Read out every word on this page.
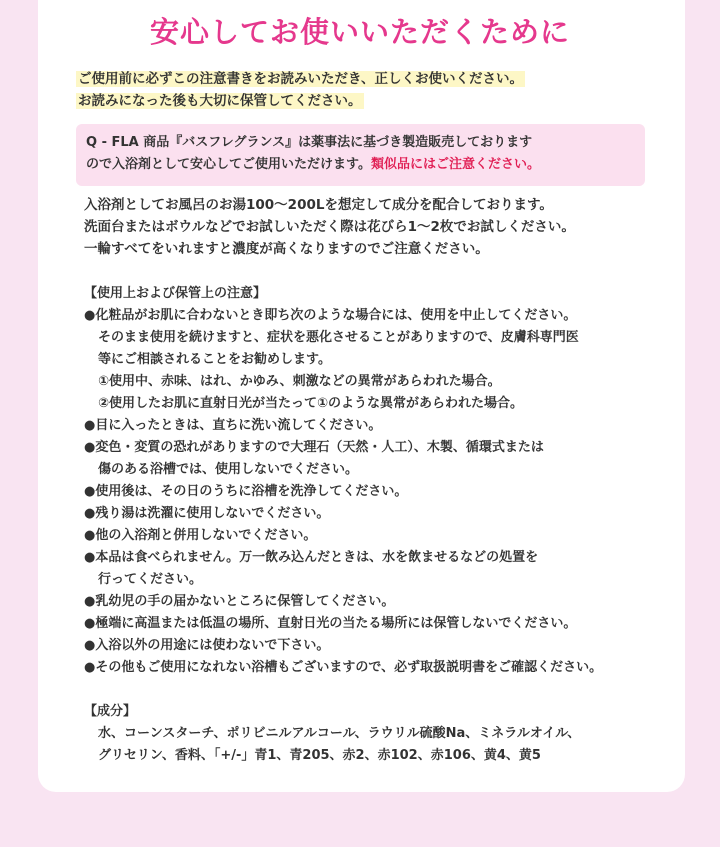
安心してお使いいただくために
ご使用前に必ずこの注意書きをお読みいただき、正しくお使いください。
お読みになった後も大切に保管してください。
Q - FLA 商品『バスフレグランス』は薬事法に基づき製造販売しております
ので入浴剤として安心してご使用いただけます。類似品にはご注意ください。
入浴剤としてお風呂のお湯100～200Lを想定して成分を配合しております。
洗面台またはボウルなどでお試しいただく際は花びら1～2枚でお試しください。
一輪すべてをいれますと濃度が高くなりますのでご注意ください。
【使用上および保管上の注意】
●化粧品がお肌に合わないとき即ち次のような場合には、使用を中止してください。
そのまま使用を続けますと、症状を悪化させることがありますので、皮膚科専門医
等にご相談されることをお勧めします。
①使用中、赤味、はれ、かゆみ、刺激などの異常があらわれた場合。
②使用したお肌に直射日光が当たって①のような異常があらわれた場合。
●目に入ったときは、直ちに洗い流してください。
●変色・変質の恐れがありますので大理石（天然・人工）、木製、循環式または
傷のある浴槽では、使用しないでください。
●使用後は、その日のうちに浴槽を洗浄してください。
●残り湯は洗濯に使用しないでください。
●他の入浴剤と併用しないでください。
●本品は食べられません。万一飲み込んだときは、水を飲ませるなどの処置を
行ってください。
●乳幼児の手の届かないところに保管してください。
●極端に高温または低温の場所、直射日光の当たる場所には保管しないでください。
●入浴以外の用途には使わないで下さい。
●その他もご使用になれない浴槽もございますので、必ず取扱説明書をご確認ください。
【成分】
水、コーンスターチ、ポリビニルアルコール、ラウリル硫酸Na、ミネラルオイル、
グリセリン、香料、「+/-」青1、青205、赤2、赤102、赤106、黄4、黄5
